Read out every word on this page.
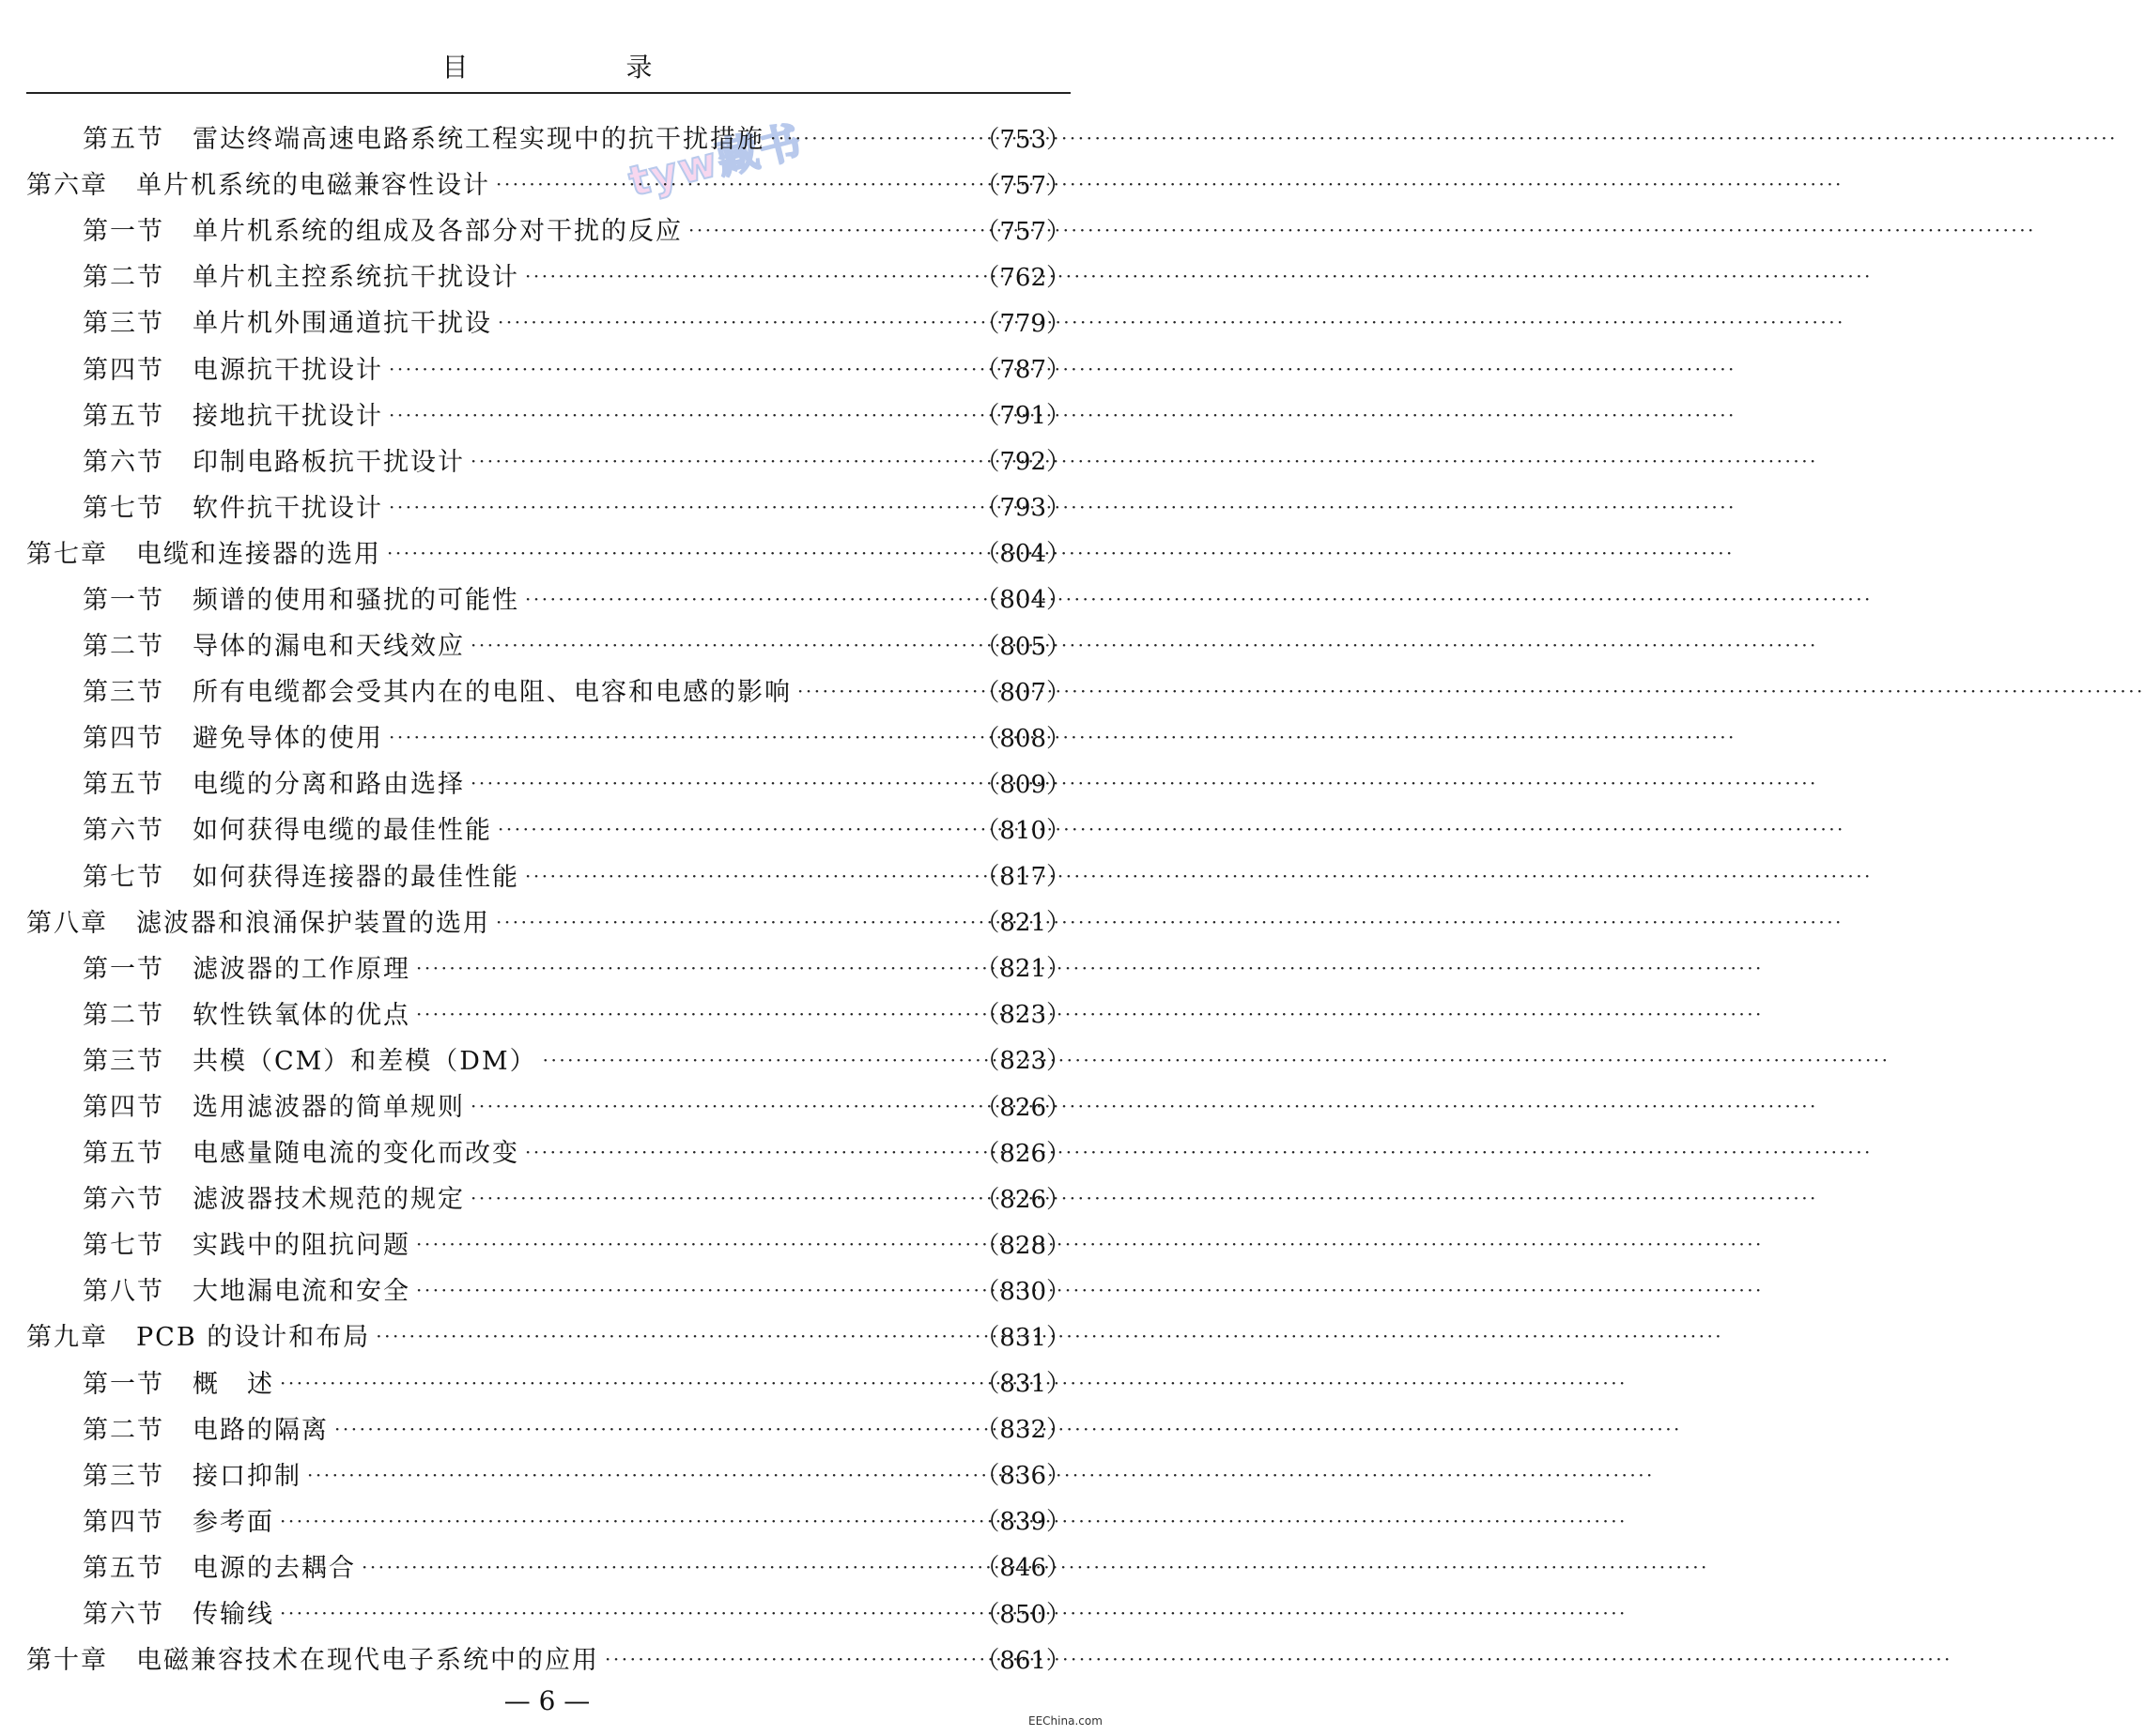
目　录
tyw藏书
第五节	雷达终端高速电路系统工程实现中的抗干扰措施 ·····	（753）
第六章	单片机系统的电磁兼容性设计 ·····	（757）
第一节	单片机系统的组成及各部分对干扰的反应 ·····	（757）
第二节	单片机主控系统抗干扰设计 ·····	（762）
第三节	单片机外围通道抗干扰设 ·····	（779）
第四节	电源抗干扰设计 ·····	（787）
第五节	接地抗干扰设计 ·····	（791）
第六节	印制电路板抗干扰设计 ·····	（792）
第七节	软件抗干扰设计 ·····	（793）
第七章	电缆和连接器的选用 ·····	（804）
第一节	频谱的使用和骚扰的可能性 ·····	（804）
第二节	导体的漏电和天线效应 ·····	（805）
第三节	所有电缆都会受其内在的电阻、电容和电感的影响 ·····	（807）
第四节	避免导体的使用 ·····	（808）
第五节	电缆的分离和路由选择 ·····	（809）
第六节	如何获得电缆的最佳性能 ·····	（810）
第七节	如何获得连接器的最佳性能 ·····	（817）
第八章	滤波器和浪涌保护装置的选用 ·····	（821）
第一节	滤波器的工作原理 ·····	（821）
第二节	软性铁氧体的优点 ·····	（823）
第三节	共模（CM）和差模（DM） ·····	（823）
第四节	选用滤波器的简单规则 ·····	（826）
第五节	电感量随电流的变化而改变 ·····	（826）
第六节	滤波器技术规范的规定 ·····	（826）
第七节	实践中的阻抗问题 ·····	（828）
第八节	大地漏电流和安全 ·····	（830）
第九章	PCB 的设计和布局 ·····	（831）
第一节	概　述 ·····	（831）
第二节	电路的隔离 ·····	（832）
第三节	接口抑制 ·····	（836）
第四节	参考面 ·····	（839）
第五节	电源的去耦合 ·····	（846）
第六节	传输线 ·····	（850）
第十章	电磁兼容技术在现代电子系统中的应用 ·····	（861）
— 6 —
EEChina.com
